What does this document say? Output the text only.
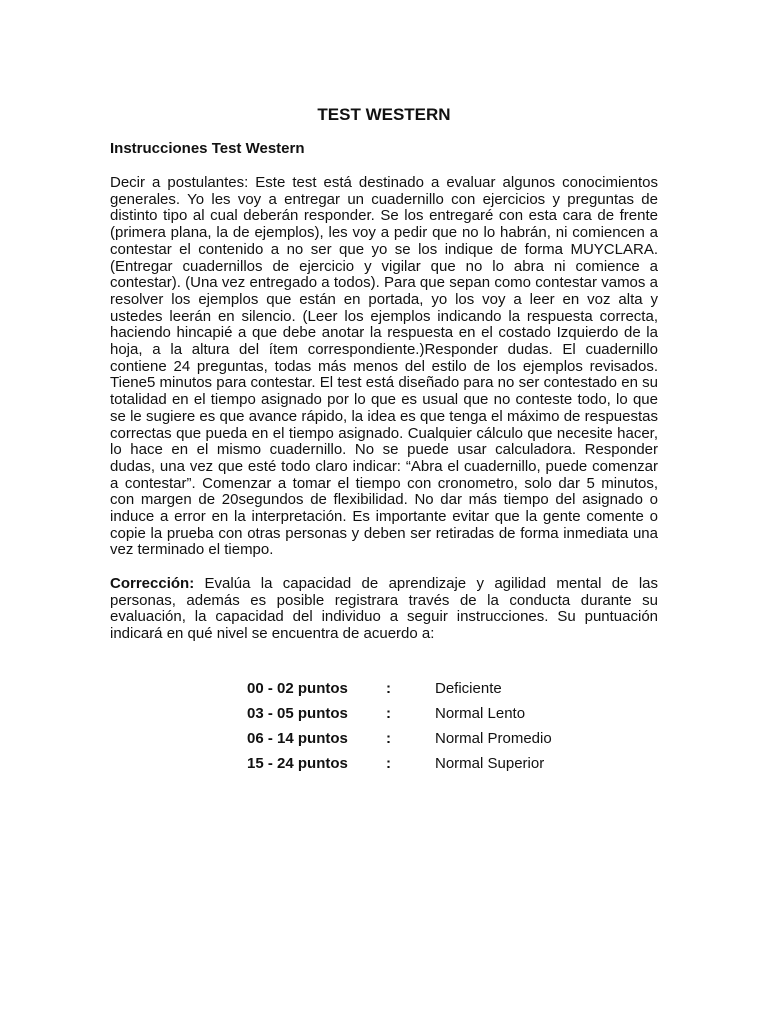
TEST WESTERN
Instrucciones Test Western

Decir a postulantes: Este test está destinado a evaluar algunos conocimientos generales. Yo les voy a entregar un cuadernillo con ejercicios y preguntas de distinto tipo al cual deberán responder. Se los entregaré con esta cara de frente (primera plana, la de ejemplos), les voy a pedir que no lo habrán, ni comiencen a contestar el contenido a no ser que yo se los indique de forma MUYCLARA. (Entregar cuadernillos de ejercicio y vigilar que no lo abra ni comience a contestar). (Una vez entregado a todos). Para que sepan como contestar vamos a resolver los ejemplos que están en portada, yo los voy a leer en voz alta y ustedes leerán en silencio. (Leer los ejemplos indicando la respuesta correcta, haciendo hincapié a que debe anotar la respuesta en el costado Izquierdo de la hoja, a la altura del ítem correspondiente.)Responder dudas. El cuadernillo contiene 24 preguntas, todas más menos del estilo de los ejemplos revisados. Tiene5 minutos para contestar. El test está diseñado para no ser contestado en su totalidad en el tiempo asignado por lo que es usual que no conteste todo, lo que se le sugiere es que avance rápido, la idea es que tenga el máximo de respuestas correctas que pueda en el tiempo asignado. Cualquier cálculo que necesite hacer, lo hace en el mismo cuadernillo. No se puede usar calculadora. Responder dudas, una vez que esté todo claro indicar: “Abra el cuadernillo, puede comenzar a contestar”. Comenzar a tomar el tiempo con cronometro, solo dar 5 minutos, con margen de 20segundos de flexibilidad. No dar más tiempo del asignado o induce a error en la interpretación. Es importante evitar que la gente comente o copie la prueba con otras personas y deben ser retiradas de forma inmediata una vez terminado el tiempo.

Corrección: Evalúa la capacidad de aprendizaje y agilidad mental de las personas, además es posible registrara través de la conducta durante su evaluación, la capacidad del individuo a seguir instrucciones. Su puntuación indicará en qué nivel se encuentra de acuerdo a:

00 - 02 puntos	:	Deficiente
03 - 05 puntos	:	Normal Lento
06 - 14 puntos	:	Normal Promedio
15 - 24 puntos	:	Normal Superior
